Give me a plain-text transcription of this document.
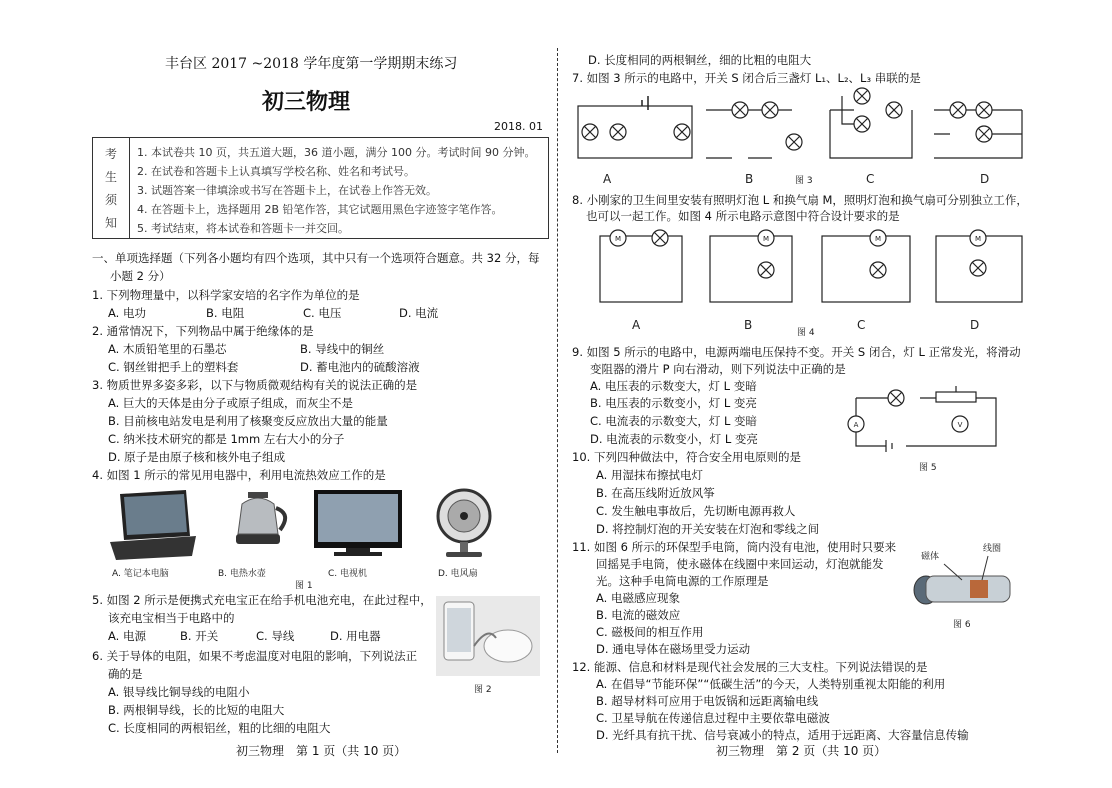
丰台区 2017 ~2018 学年度第一学期期末练习
初三物理
2018. 01
考
生
须
知
1. 本试卷共 10 页，共五道大题，36 道小题，满分 100 分。考试时间 90 分钟。
2. 在试卷和答题卡上认真填写学校名称、姓名和考试号。
3. 试题答案一律填涂或书写在答题卡上，在试卷上作答无效。
4. 在答题卡上，选择题用 2B 铅笔作答，其它试题用黑色字迹签字笔作答。
5. 考试结束，将本试卷和答题卡一并交回。
一、单项选择题（下列各小题均有四个选项，其中只有一个选项符合题意。共 32 分，每
小题 2 分）
1. 下列物理量中，以科学家安培的名字作为单位的是
A. 电功	B. 电阻	C. 电压	D. 电流
2. 通常情况下，下列物品中属于绝缘体的是
A. 木质铅笔里的石墨芯	B. 导线中的铜丝
C. 钢丝钳把手上的塑料套	D. 蓄电池内的硫酸溶液
3. 物质世界多姿多彩，以下与物质微观结构有关的说法正确的是
A. 巨大的天体是由分子或原子组成，而灰尘不是
B. 目前核电站发电是利用了核聚变反应放出大量的能量
C. 纳米技术研究的都是 1mm 左右大小的分子
D. 原子是由原子核和核外电子组成
4. 如图 1 所示的常见用电器中，利用电流热效应工作的是
A. 笔记本电脑	B. 电热水壶	C. 电视机	D. 电风扇
图 1
5. 如图 2 所示是便携式充电宝正在给手机电池充电，在此过程中，
该充电宝相当于电路中的
A. 电源	B. 开关	C. 导线	D. 用电器
图 2
6. 关于导体的电阻，如果不考虑温度对电阻的影响，下列说法正
确的是
A. 银导线比铜导线的电阻小
B. 两根铜导线，长的比短的电阻大
C. 长度相同的两根铝丝，粗的比细的电阻大
初三物理　第 1 页（共 10 页）
D. 长度相同的两根铜丝，细的比粗的电阻大
7. 如图 3 所示的电路中，开关 S 闭合后三盏灯 L₁、L₂、L₃ 串联的是
A	B	C	D
图 3
8. 小刚家的卫生间里安装有照明灯泡 L 和换气扇 M，照明灯泡和换气扇可分别独立工作，
也可以一起工作。如图 4 所示电路示意图中符合设计要求的是
M	M	M	M
A	B	C	D
图 4
9. 如图 5 所示的电路中，电源两端电压保持不变。开关 S 闭合，灯 L 正常发光，将滑动
变阻器的滑片 P 向右滑动，则下列说法中正确的是
A. 电压表的示数变大，灯 L 变暗
B. 电压表的示数变小，灯 L 变亮
C. 电流表的示数变大，灯 L 变暗
D. 电流表的示数变小，灯 L 变亮
A	V
图 5
10. 下列四种做法中，符合安全用电原则的是
A. 用湿抹布擦拭电灯
B. 在高压线附近放风筝
C. 发生触电事故后，先切断电源再救人
D. 将控制灯泡的开关安装在灯泡和零线之间
11. 如图 6 所示的环保型手电筒，筒内没有电池，使用时只要来
回摇晃手电筒，使永磁体在线圈中来回运动，灯泡就能发
光。这种手电筒电源的工作原理是
A. 电磁感应现象
B. 电流的磁效应
C. 磁极间的相互作用
D. 通电导体在磁场里受力运动
磁体
线圈
图 6
12. 能源、信息和材料是现代社会发展的三大支柱。下列说法错误的是
A. 在倡导“节能环保”“低碳生活”的今天，人类特别重视太阳能的利用
B. 超导材料可应用于电饭锅和远距离输电线
C. 卫星导航在传递信息过程中主要依靠电磁波
D. 光纤具有抗干扰、信号衰减小的特点，适用于远距离、大容量信息传输
初三物理　第 2 页（共 10 页）
